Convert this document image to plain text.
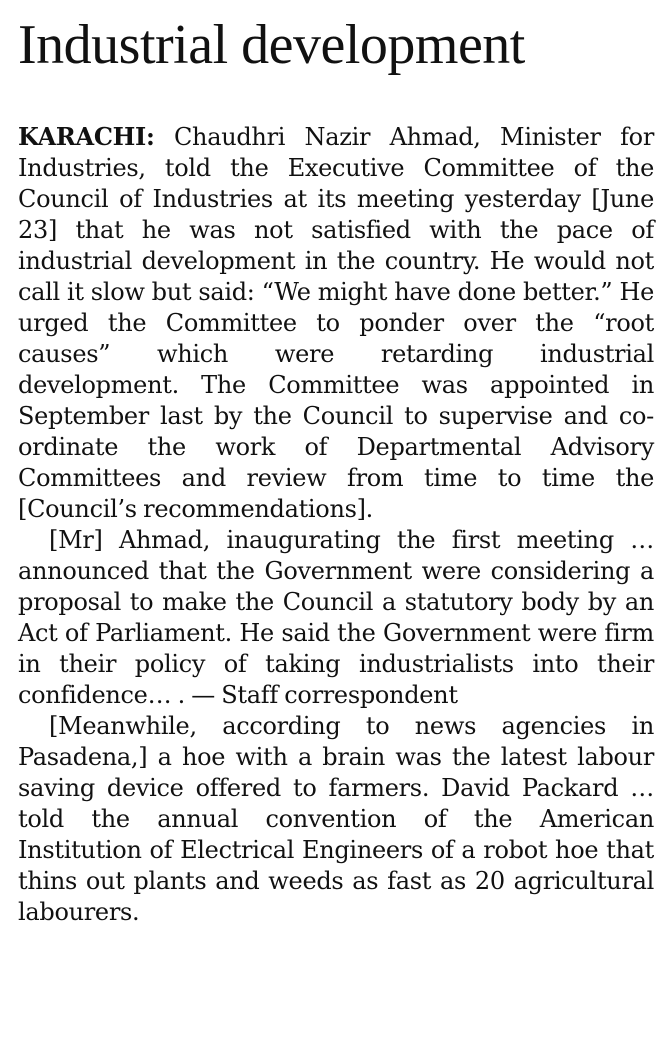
Industrial development

KARACHI: Chaudhri Nazir Ahmad, Minister for Industries, told the Executive Committee of the Council of Industries at its meeting yesterday [June 23] that he was not satisfied with the pace of industrial development in the country. He would not call it slow but said: “We might have done better.” He urged the Committee to ponder over the “root causes” which were retarding industrial development. The Committee was appointed in September last by the Council to supervise and co-ordinate the work of Departmental Advisory Committees and review from time to time the [Council’s recommendations].

[Mr] Ahmad, inaugurating the first meeting … announced that the Government were considering a proposal to make the Council a statutory body by an Act of Parliament. He said the Government were firm in their policy of taking industrialists into their confidence… . — Staff correspondent

[Meanwhile, according to news agencies in Pasadena,] a hoe with a brain was the latest labour saving device offered to farmers. David Packard … told the annual convention of the American Institution of Electrical Engineers of a robot hoe that thins out plants and weeds as fast as 20 agricultural labourers.
